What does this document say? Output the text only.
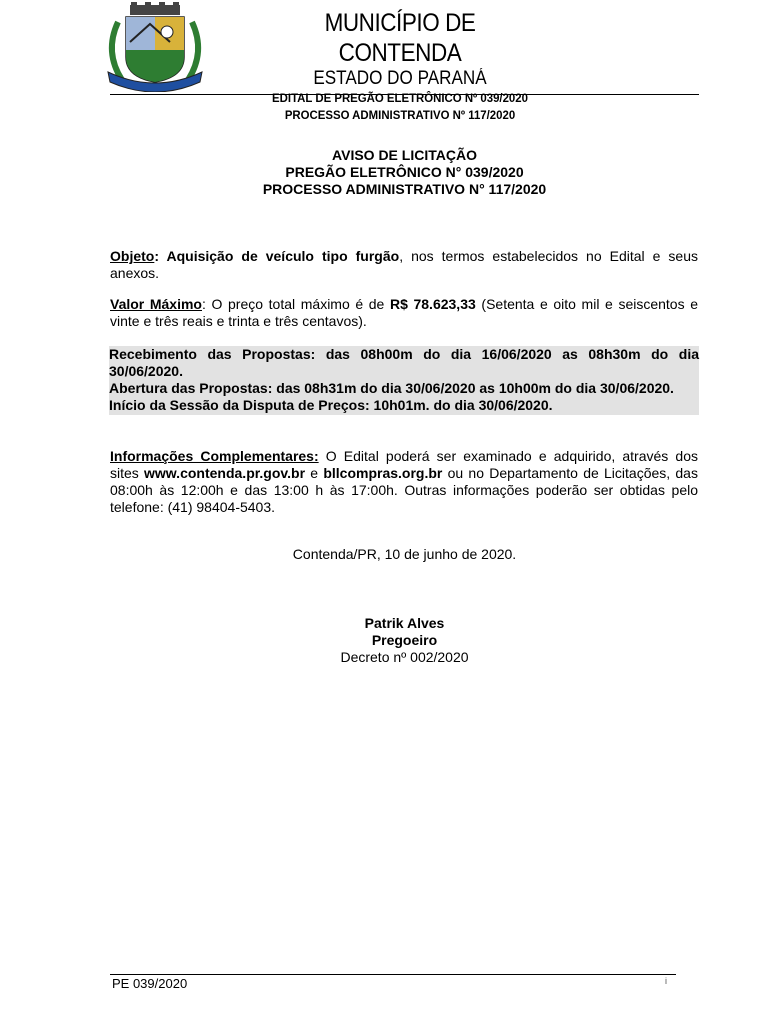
MUNICÍPIO DE CONTENDA
ESTADO DO PARANÁ
EDITAL DE PREGÃO ELETRÔNICO Nº 039/2020
PROCESSO ADMINISTRATIVO Nº 117/2020
AVISO DE LICITAÇÃO
PREGÃO ELETRÔNICO N° 039/2020
PROCESSO ADMINISTRATIVO N° 117/2020
Objeto: Aquisição de veículo tipo furgão, nos termos estabelecidos no Edital e seus anexos.
Valor Máximo: O preço total máximo é de R$ 78.623,33 (Setenta e oito mil e seiscentos e vinte e três reais e trinta e três centavos).
Recebimento das Propostas: das 08h00m do dia 16/06/2020 as 08h30m do dia 30/06/2020.
Abertura das Propostas: das 08h31m do dia 30/06/2020 as 10h00m do dia 30/06/2020.
Início da Sessão da Disputa de Preços: 10h01m. do dia 30/06/2020.
Informações Complementares: O Edital poderá ser examinado e adquirido, através dos sites www.contenda.pr.gov.br e bllcompras.org.br ou no Departamento de Licitações, das 08:00h às 12:00h e das 13:00 h às 17:00h. Outras informações poderão ser obtidas pelo telefone: (41) 98404-5403.
Contenda/PR, 10 de junho de 2020.
Patrik Alves
Pregoeiro
Decreto nº 002/2020
PE 039/2020	i
